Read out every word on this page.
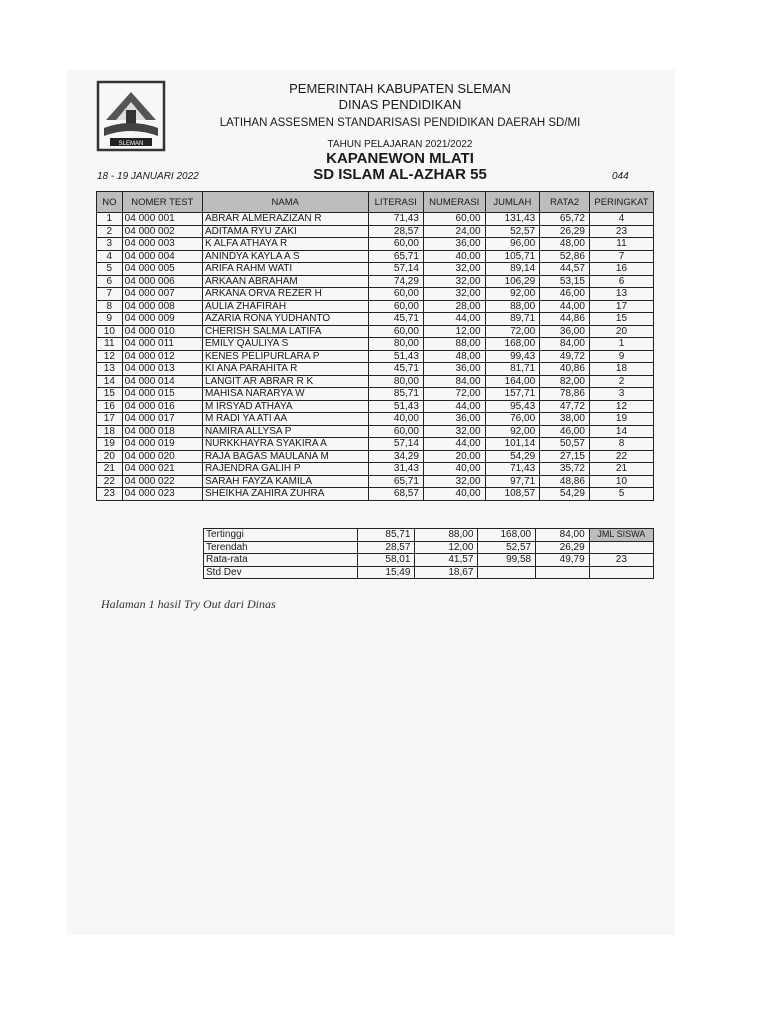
SLEMAN
PEMERINTAH KABUPATEN SLEMAN
DINAS PENDIDIKAN
LATIHAN ASSESMEN STANDARISASI PENDIDIKAN DAERAH SD/MI
TAHUN PELAJARAN 2021/2022
KAPANEWON MLATI
SD ISLAM AL-AZHAR 55
18 - 19 JANUARI 2022	044
NO	NOMER TEST	NAMA	LITERASI	NUMERASI	JUMLAH	RATA2	PERINGKAT
1	04 000 001	ABRAR ALMERAZIZAN R	71,43	60,00	131,43	65,72	4
2	04 000 002	ADITAMA RYU ZAKI	28,57	24,00	52,57	26,29	23
3	04 000 003	K ALFA ATHAYA R	60,00	36,00	96,00	48,00	11
4	04 000 004	ANINDYA KAYLA A S	65,71	40,00	105,71	52,86	7
5	04 000 005	ARIFA RAHM WATI	57,14	32,00	89,14	44,57	16
6	04 000 006	ARKAAN ABRAHAM	74,29	32,00	106,29	53,15	6
7	04 000 007	ARKANA ORVA REZER H	60,00	32,00	92,00	46,00	13
8	04 000 008	AULIA ZHAFIRAH	60,00	28,00	88,00	44,00	17
9	04 000 009	AZARIA RONA YUDHANTO	45,71	44,00	89,71	44,86	15
10	04 000 010	CHERISH SALMA LATIFA	60,00	12,00	72,00	36,00	20
11	04 000 011	EMILY QAULIYA S	80,00	88,00	168,00	84,00	1
12	04 000 012	KENES PELIPURLARA P	51,43	48,00	99,43	49,72	9
13	04 000 013	KI ANA PARAHITA R	45,71	36,00	81,71	40,86	18
14	04 000 014	LANGIT AR ABRAR R K	80,00	84,00	164,00	82,00	2
15	04 000 015	MAHISA NARARYA W	85,71	72,00	157,71	78,86	3
16	04 000 016	M IRSYAD ATHAYA	51,43	44,00	95,43	47,72	12
17	04 000 017	M RADI YA ATI AA	40,00	36,00	76,00	38,00	19
18	04 000 018	NAMIRA ALLYSA P	60,00	32,00	92,00	46,00	14
19	04 000 019	NURKKHAYRA SYAKIRA A	57,14	44,00	101,14	50,57	8
20	04 000 020	RAJA BAGAS MAULANA M	34,29	20,00	54,29	27,15	22
21	04 000 021	RAJENDRA GALIH P	31,43	40,00	71,43	35,72	21
22	04 000 022	SARAH FAYZA KAMILA	65,71	32,00	97,71	48,86	10
23	04 000 023	SHEIKHA ZAHIRA ZUHRA	68,57	40,00	108,57	54,29	5
Tertinggi	85,71	88,00	168,00	84,00	JML SISWA
Terendah	28,57	12,00	52,57	26,29	
Rata-rata	58,01	41,57	99,58	49,79	23
Std Dev	15,49	18,67			
Halaman 1 hasil Try Out dari Dinas
